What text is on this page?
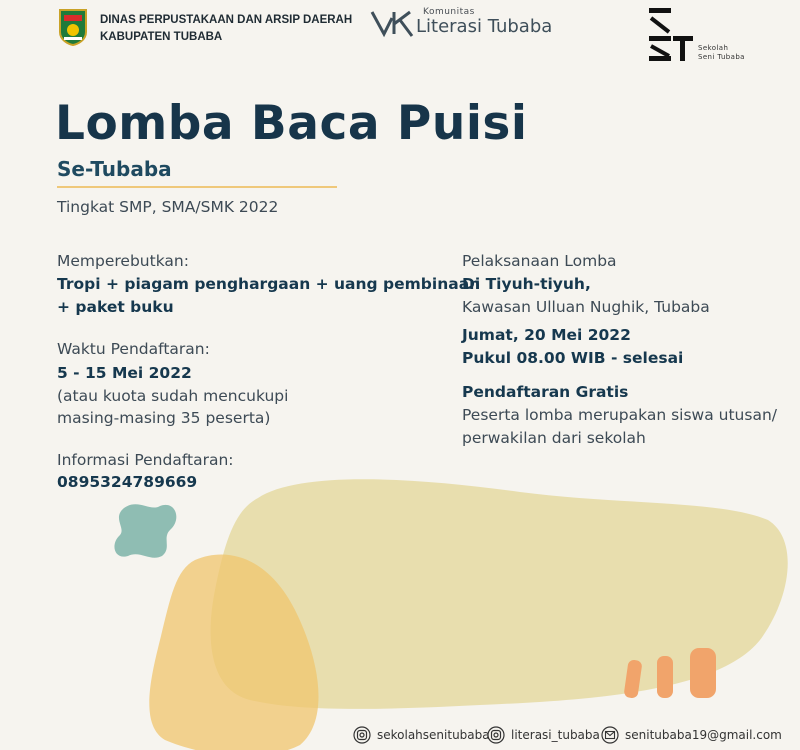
DINAS PERPUSTAKAAN DAN ARSIP DAERAH
KABUPATEN TUBABA
Komunitas
Literasi Tubaba
Sekolah
Seni Tubaba
Lomba Baca Puisi
Se-Tubaba
Tingkat SMP, SMA/SMK 2022
Memperebutkan:
Tropi + piagam penghargaan + uang pembinaan
+ paket buku
Waktu Pendaftaran:
5 - 15 Mei 2022
(atau kuota sudah mencukupi
masing-masing 35 peserta)
Informasi Pendaftaran:
0895324789669
Pelaksanaan Lomba
Di Tiyuh-tiyuh,
Kawasan Ulluan Nughik, Tubaba
Jumat, 20 Mei 2022
Pukul 08.00 WIB - selesai
Pendaftaran Gratis
Peserta lomba merupakan siswa utusan/
perwakilan dari sekolah
sekolahsenitubaba literasi_tubaba senitubaba19@gmail.com
